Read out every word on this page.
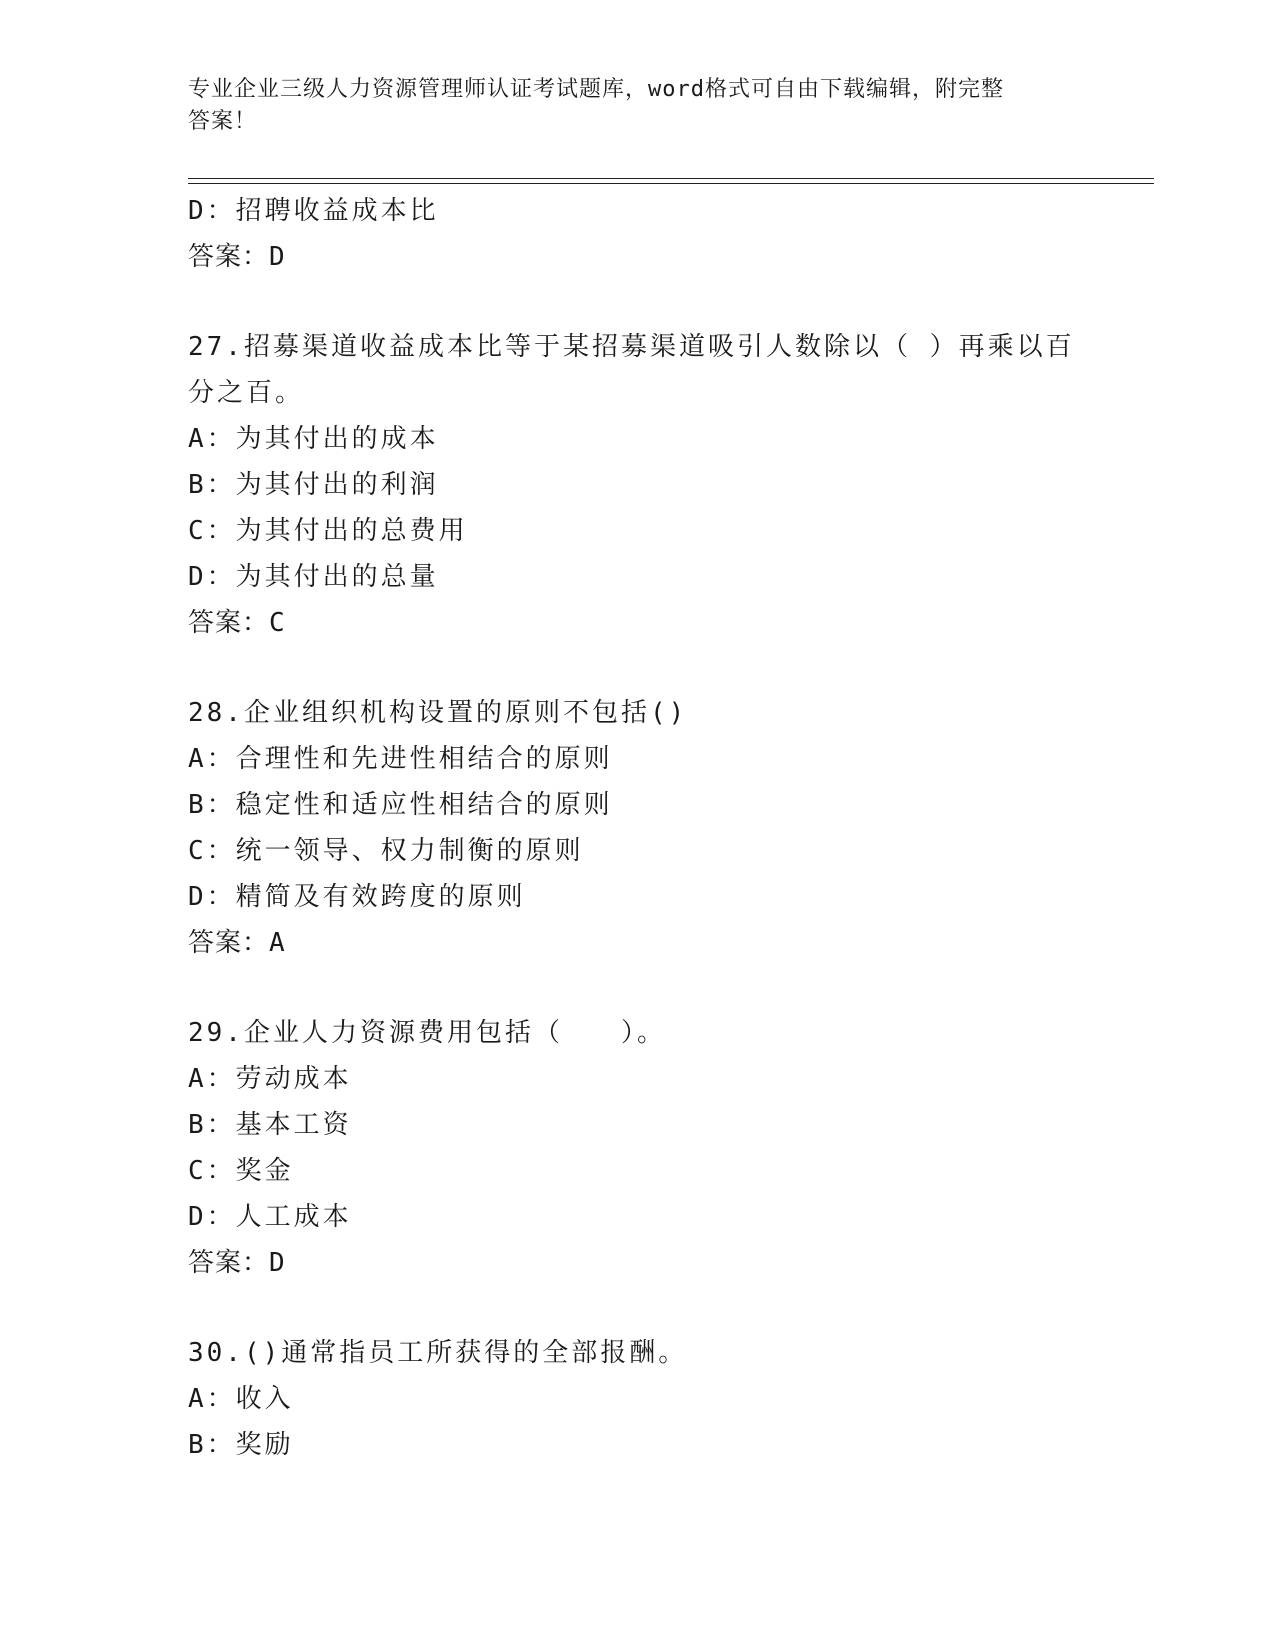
专业企业三级人力资源管理师认证考试题库，word格式可自由下载编辑，附完整
答案！
D：招聘收益成本比
答案：D
27.招募渠道收益成本比等于某招募渠道吸引人数除以（ ）再乘以百
分之百。
A：为其付出的成本
B：为其付出的利润
C：为其付出的总费用
D：为其付出的总量
答案：C
28.企业组织机构设置的原则不包括()
A：合理性和先进性相结合的原则
B：稳定性和适应性相结合的原则
C：统一领导、权力制衡的原则
D：精简及有效跨度的原则
答案：A
29.企业人力资源费用包括（　　）。
A：劳动成本
B：基本工资
C：奖金
D：人工成本
答案：D
30.()通常指员工所获得的全部报酬。
A：收入
B：奖励
